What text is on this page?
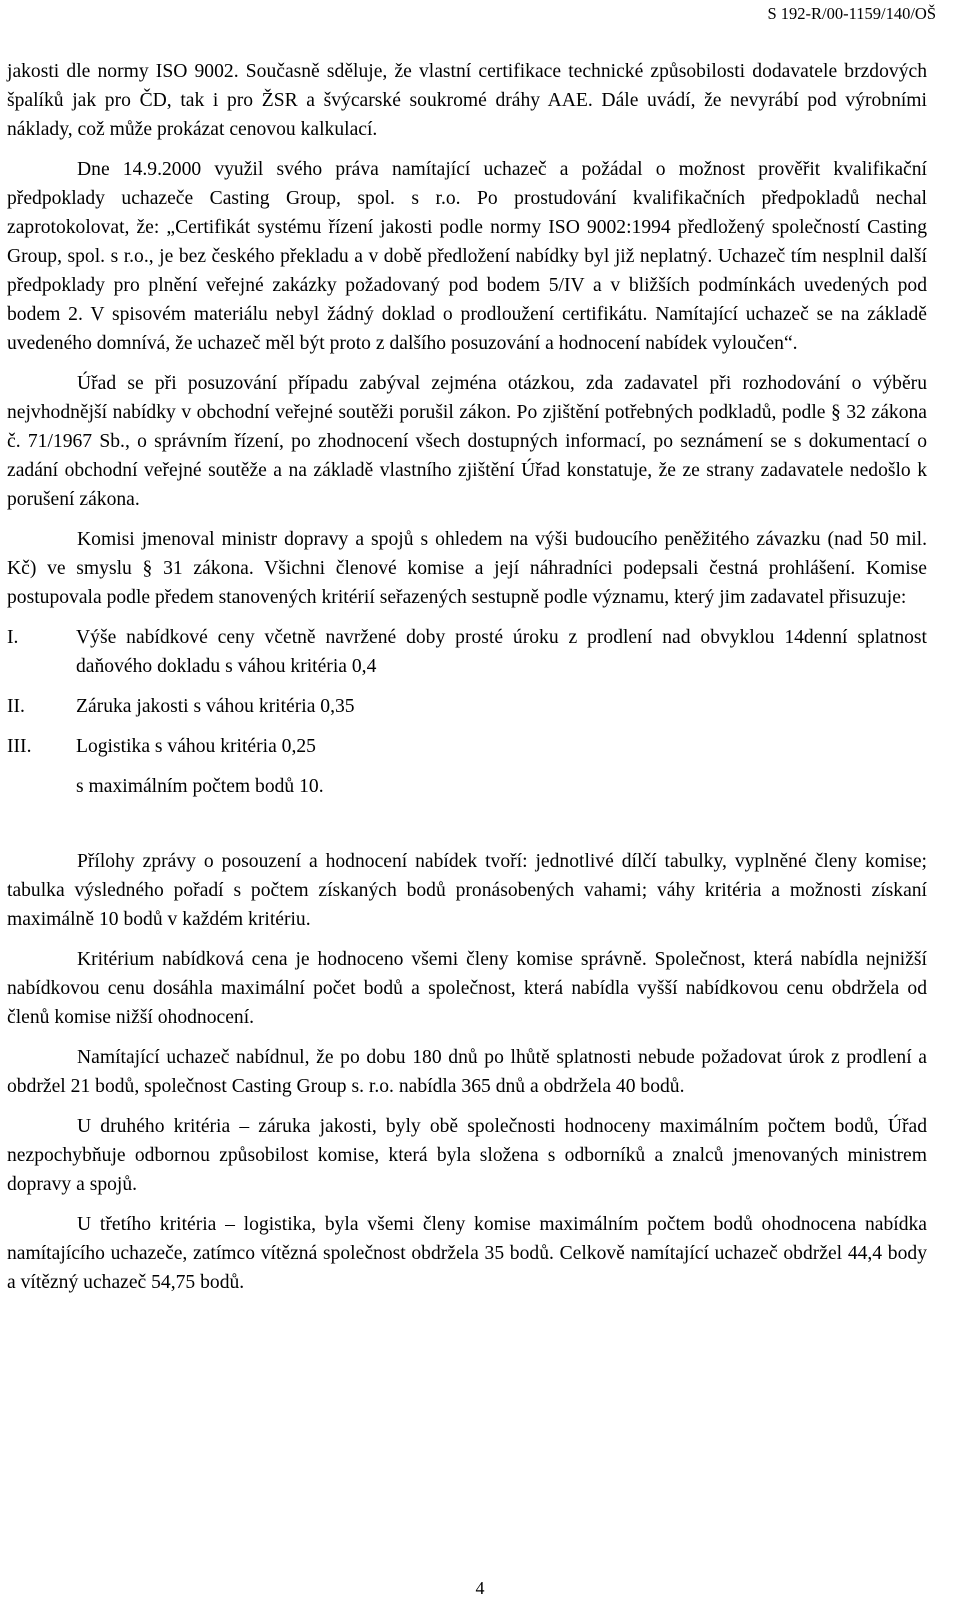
S 192-R/00-1159/140/OŠ

jakosti dle normy ISO 9002. Současně sděluje, že vlastní certifikace technické způsobilosti dodavatele brzdových špalíků jak pro ČD, tak i pro ŽSR a švýcarské soukromé dráhy AAE. Dále uvádí, že nevyrábí pod výrobními náklady, což může prokázat cenovou kalkulací.

Dne 14.9.2000 využil svého práva namítající uchazeč a požádal o možnost prověřit kvalifikační předpoklady uchazeče Casting Group, spol. s r.o. Po prostudování kvalifikačních předpokladů nechal zaprotokolovat, že: „Certifikát systému řízení jakosti podle normy ISO 9002:1994 předložený společností Casting Group, spol. s r.o., je bez českého překladu a v době předložení nabídky byl již neplatný. Uchazeč tím nesplnil další předpoklady pro plnění veřejné zakázky požadovaný pod bodem 5/IV a v bližších podmínkách uvedených pod bodem 2. V spisovém materiálu nebyl žádný doklad o prodloužení certifikátu. Namítající uchazeč se na základě uvedeného domnívá, že uchazeč měl být proto z dalšího posuzování a hodnocení nabídek vyloučen“.

Úřad se při posuzování případu zabýval zejména otázkou, zda zadavatel při rozhodování o výběru nejvhodnější nabídky v obchodní veřejné soutěži porušil zákon. Po zjištění potřebných podkladů, podle § 32 zákona č. 71/1967 Sb., o správním řízení, po zhodnocení všech dostupných informací, po seznámení se s dokumentací o zadání obchodní veřejné soutěže a na základě vlastního zjištění Úřad konstatuje, že ze strany zadavatele nedošlo k porušení zákona.

Komisi jmenoval ministr dopravy a spojů s ohledem na výši budoucího peněžitého závazku (nad 50 mil. Kč) ve smyslu § 31 zákona. Všichni členové komise a její náhradníci podepsali čestná prohlášení. Komise postupovala podle předem stanovených kritérií seřazených sestupně podle významu, který jim zadavatel přisuzuje:

I.	Výše nabídkové ceny včetně navržené doby prosté úroku z prodlení nad obvyklou 14denní splatnost daňového dokladu s váhou kritéria 0,4
II.	Záruka jakosti s váhou kritéria 0,35
III.	Logistika s váhou kritéria 0,25
s maximálním počtem bodů 10.

Přílohy zprávy o posouzení a hodnocení nabídek tvoří: jednotlivé dílčí tabulky, vyplněné členy komise; tabulka výsledného pořadí s počtem získaných bodů pronásobených vahami; váhy kritéria a možnosti získaní maximálně 10 bodů v každém kritériu.

Kritérium nabídková cena je hodnoceno všemi členy komise správně. Společnost, která nabídla nejnižší nabídkovou cenu dosáhla maximální počet bodů a společnost, která nabídla vyšší nabídkovou cenu obdržela od členů komise nižší ohodnocení.

Namítající uchazeč nabídnul, že po dobu 180 dnů po lhůtě splatnosti nebude požadovat úrok z prodlení a obdržel 21 bodů, společnost Casting Group s. r.o. nabídla 365 dnů a obdržela 40 bodů.

U druhého kritéria – záruka jakosti, byly obě společnosti hodnoceny maximálním počtem bodů, Úřad nezpochybňuje odbornou způsobilost komise, která byla složena s odborníků a znalců jmenovaných ministrem dopravy a spojů.

U třetího kritéria – logistika, byla všemi členy komise maximálním počtem bodů ohodnocena nabídka namítajícího uchazeče, zatímco vítězná společnost obdržela 35 bodů. Celkově namítající uchazeč obdržel 44,4 body a vítězný uchazeč 54,75 bodů.

4
